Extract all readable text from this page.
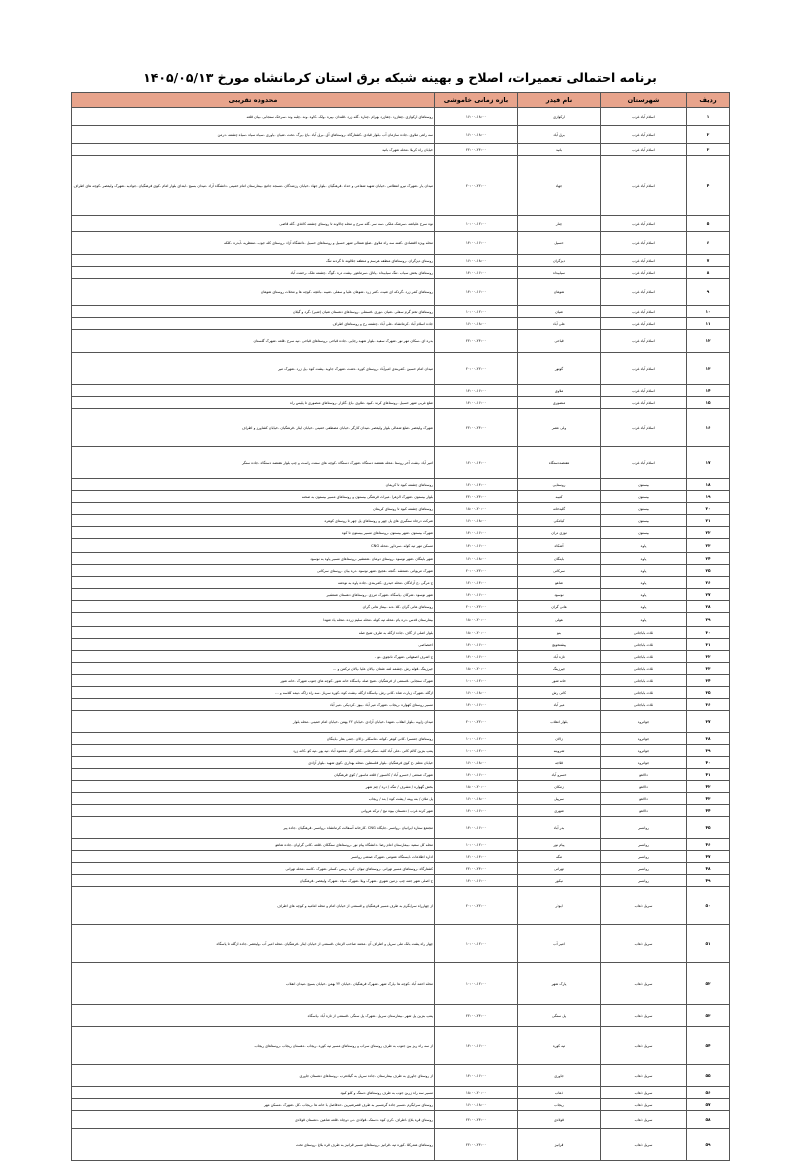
برنامه احتمالی تعمیرات، اصلاح و بهینه شبکه برق استان کرمانشاه مورخ ۱۴۰۵/۰۵/۱۳
ردیف	شهرستان	نام فیدر	بازه زمانی خاموشی	محدوده تقریبی
۱	اسلام آباد غرب	ارکوازی	۱۶:۰۰-۱۸:۰۰	روستاهای ارکوازی -چقازرد -چقازرد بهرام -چناره -گله زرد -قلندان -پیره -ولک -کاوه -وند -چلبه وند -سرخک سنجابی -بیان قلعه
۲	اسلام آباد غرب	برق آباد	۱۶:۰۰-۱۸:۰۰	سه راهی ملاوی -جاده سازمان آب -بلوار قبادی -کشتارگاه -روستاهای آق -برق آباد -باغ -پرگ -تخت -شیان -یاوری -سیاه سیاه -سیاه چشمه -درمن
۳	اسلام آباد غرب	بانید	۲۲:۰۰-۲۴:۰۰	خیابان راه کربلا -محله شهرک بانید
۴	اسلام آباد غرب	جهاد	۲۰:۰۰-۲۲:۰۰	میدان یار -شهرک نیرو انتظامی -خیابان شهید شفاعی و حداد -فرهنگیان -بلوار جهاد -خیابان رزمندگان -مسجد جامع -بیمارستان امام خمینی -دانشگاه آزاد -میدان بسیج -ابتدای بلوار امام -کوی فرهنگیان -جوادیه -شهرک ولیعصر -کوچه های اطراف
۵	اسلام آباد غرب	چنار	۱۰:۰۰-۱۲:۰۰	نوه سرخ علیاشه -سرشک ملکی -سه سر -گله سرخ و محله چالاوند تا روستای چشمه کاغذی -گله قاضی
۶	اسلام آباد غرب	حسیل	۱۴:۰۰-۱۶:۰۰	محله ویژه اقتصادی -کفنه سه راه ملاوی -ضلع شمالی شهر حسیل و روستاهای حسیل -دانشگاه آزاد -روستای کله جوب -منتظریه -آبدره -کلکه
۷	اسلام آباد غرب	دیزگران	۱۶:۰۰-۱۸:۰۰	روستای دیزگران -روستاهای منطقه هرسم و منطقه جلالوند تا گردنه تنگ
۸	اسلام آباد غرب	سیابیداه	۱۴:۰۰-۱۶:۰۰	روستاهای بخش سیاب -تنگ سیابیداه -پاتاق -سرماهور -پشت دره -گوگ -چشمه ملک -رحمت آباد
۹	اسلام آباد غرب	شوهان	۱۴:۰۰-۱۶:۰۰	روستاهای کمر زرد -گردکه ای شیت -کمر زرد -شوهان علیا و سفلی -شیبه -باغچه -کوچه ها و محلات روستای شوهان
۱۰	اسلام آباد غرب	شیان	۱۰:۰۰-۱۲:۰۰	روستاهای تخم گرم سفلی -شیان -نوری -فسملی -روستاهای دهستان شیان (شیر) -گرد و گیلان
۱۱	اسلام آباد غرب	علی آباد	۱۶:۰۰-۱۸:۰۰	جاده اسلام آباد -کرمانشاه -علی آباد -چشمه رخ و روستاهای اطراف
۱۲	اسلام آباد غرب	قباحی	۲۲:۰۰-۲۴:۰۰	بدره ای -سکان مهر نور -شهرک سفید -بلوار شهید رجایی -جاده قباحی -روستاهای قباحی -تپه سرخ -قلعه -شهرک گلستان
۱۳	اسلام آباد غرب	گوتور	۲۰:۰۰-۲۲:۰۰	میدان امام حسین -کمربندی امیرآباد -روستای کوره -دشت -شهرک جاوید -پشت کوه -پل زرد -شهرک میر
۱۴	اسلام آباد غرب	ملاوی	۱۴:۰۰-۱۶:۰۰	
۱۵	اسلام آباد غرب	منصوری	۱۴:۰۰-۱۶:۰۰	ضلع غربی شهر حسیل -روستاهای کرند -کبود -ملاوی -باغ -گلزار -روستاهای منصوری تا پلیس راه
۱۶	اسلام آباد غرب	ولی عصر	۲۲:۰۰-۲۴:۰۰	شهرک ولیعصر -ضلع شمالی بلوار ولیعصر -میدان کارگر -خیابان مصطفی خمینی -خیابان ایثار -فرهنگیان -خیابان کشاورز و اطراف
۱۷	اسلام آباد غرب	هفتصددستگاه	۱۲:۰۰-۱۴:۰۰	امیر آباد -پشت آخر روستا -محله هفتصد دستگاه -شهرک دستگاه -کوچه های سمت راست و چپ بلوار هفتصد دستگاه -جاده سنگر
۱۸	بیستون	روستایی	۱۲:۰۰-۱۴:۰۰	روستاهای چشمه کبود تا کریمان
۱۹	بیستون	کتیبه	۲۲:۰۰-۲۴:۰۰	بلوار بیستون -شهرک الزهرا -میراث فرهنگی بیستون و روستاهای مسیر بیستون به صحنه
۲۰	بیستون	گلیدخانه	۱۸:۰۰-۲۰:۰۰	روستاهای چشمه کبود تا روستای کریمان
۲۱	بیستون	کیامکی	۱۶:۰۰-۱۸:۰۰	شرکت درجاه سنگبری های پل چهر و روستاهای پل چهر تا روستای کوهره
۲۲	بیستون	توزی دران	۱۴:۰۰-۱۶:۰۰	شهرک بیستون -شهر بیستون -روستاهای مسیر بیستون تا کوه
۲۳	پاوه	آشکاه	۱۴:۰۰-۱۶:۰۰	مسکن مهر تپه کوله -سرداور -محله CNG
۲۴	پاوه	باینگان	۱۶:۰۰-۱۸:۰۰	شهر باینگان -شهر نوسود -روستای دومان -شمشیر -روستاهای مسیر پاوه به نوسود
۲۵	پاوه	سرکانی	۲۰:۰۰-۲۲:۰۰	شهرک مریوانی -شمشه -گنجه -هجیج -شهر نوسود -دره بیان -روستای سرکانی
۲۶	پاوه	شاهو	۱۲:۰۰-۱۴:۰۰	ج مرگی -ج آزادگان -محله حیدری -کمربندی -جاده پاوه به نودشه
۲۷	پاوه	نوسود	۱۴:۰۰-۱۶:۰۰	شهر نوسود -شرکان -پاسگاه -شهرک مرزی -روستاهای دهستان شمشیر
۲۸	پاوه	هانی گران	۲۰:۰۰-۲۲:۰۰	روستاهای هانی گران -کلا -دنه -بیماژ هانی گران
۲۹	پاوه	هولی	۱۸:۰۰-۲۰:۰۰	بیمارستان قدس -دره یام -محله تپه کوله -محله سلیم زرده -محله یاد شهدا
۳۰	ثلاث باباجانی	بنو	۱۸:۰۰-۲۰:۰۰	بلوار اصلی از گاف -جاده ازگله به طرف شیخ صله
۳۱	ثلاث باباجانی	پیشتخونچ	۱۴:۰۰-۱۶:۰۰	اختصاصی
۳۲	ثلاث باباجانی	تازه آباد	۱۴:۰۰-۱۶:۰۰	ج اشرف اصفهانی -شهرک نانچوی -نو -
۳۳	ثلاث باباجانی	جیرزینگ	۱۸:۰۰-۲۰:۰۰	جیرزینگ -قوله رش -چشمه لمه عثمان -پالان علیا -پالان ترکمن و ...
۳۴	ثلاث باباجانی	خانه شور	۱۰:۰۰-۱۲:۰۰	شهرک سنجابی -قسمتی از فرهنگیان -شیخ صله -پاسگاه خانه شور -کوچه های جنوب شهرک -خانه شور
۳۵	ثلاث باباجانی	کانی رش	۱۶:۰۰-۱۸:۰۰	ازگله -شهرک زیارت شاه -کانی رش -پاسگاه ازگله -پشت کوه -کوره سرباز -سه راه زاگه -تیمه کلاسه و ...
۳۶	ثلاث باباجانی	میر آباد	۱۴:۰۰-۱۶:۰۰	مسیر روستای کهواره -ریجاب -شهرک میر آباد -بیوز -کردیکی -میر آباد
۳۷	جوانرود	بلوار انقلاب	۲۰:۰۰-۲۲:۰۰	میدان زاویه -بلوار انقلاب -شهدا -خیابان آزادی -خیابان ۲۲ بهمن -خیابان امام خمینی -محله بلوار
۳۸	جوانرود	زالان	۱۰:۰۰-۱۲:۰۰	روستاهای جمسرا -کانی کوهر -کوانه -ماسکلر -زالان -جمی بقار -باینگان
۳۹	جوانرود	شروینه	۱۰:۰۰-۱۲:۰۰	پمپ بنزین کالم کانی -علی آباد کلیه -سکرخانی -کانی گل -محمود آباد -تپه پور -تپه کو -کانه زرد
۴۰	جوانرود	قلاجه	۱۶:۰۰-۱۸:۰۰	خیابان معلم -خ کوی فرهنگیان -بلوار فلسطین -محله بهداری -کوی شهید -بلوار آزادی
۴۱	دالاهو	خسرو آباد	۱۴:۰۰-۱۶:۰۰	شهرک صنعتی / خسرو آباد / کانسور / قلعه ماسور / کوی فرهنگیان
۴۲	دالاهو	زمکان	۱۸:۰۰-۲۰:۰۰	بخش گهواره / مشرف / تنگه / دره / چم شهر
۴۳	دالاهو	سرپیل	۱۶:۰۰-۱۸:۰۰	پل ملان / بنه وینه / پشت کوه / بند / ریجاب
۴۴	دالاهو	شهری	۱۴:۰۰-۱۶:۰۰	شهر کرند غرب / دهستان بیوه نیج / ترکه هروانی
۴۵	روانسر	بدر آباد	۱۴:۰۰-۱۶:۰۰	مجتمع ستاره ایرانیان -روانسر -جایگاه CNG -کارخانه آسفالت کرمانشاه -روانسر -فرهنگیان -جاده پیر
۴۶	روانسر	پیام نور	۱۰:۰۰-۱۲:۰۰	محله کل سفید -بیمارستان امام رضا -دانشگاه پیام نور -روستاهای سنگکان -قلعه -کانی گراوان -جاده شاهو
۴۷	روانسر	تنگه	۱۲:۰۰-۱۴:۰۰	اداره اطلاعات -ایستگاه عمومی -شهرک صنعتی روانسر
۴۸	روانسر	تهرانی	۲۲:۰۰-۲۴:۰۰	کشتارگاه -روستاهای مسیر تهرانی -روستاهای تیوان -کره -ریس -کسلر -شهرک -کاسه -محله تهرانی
۴۹	روانسر	نیکور	۱۴:۰۰-۱۶:۰۰	خ اصلی شهر جمه چپ -زمین شهری -شهرک ویلا -شهرک سپاه -شهرک ولیعصر -فرهنگیان
۵۰	سرپل ذهاب	ابوذر	۲۰:۰۰-۲۲:۰۰	از چهارراه سرابگرم به طرف مسیر فرهنگیان و قسمتی از خیابان امام و محله امامیه و کوچه های اطراف
۵۱	سرپل ذهاب	امیر آب	۱۰:۰۰-۱۲:۰۰	چهار راه پشت بانک ملی سرپل و اطراف آن -محمد صاحب الزمان -قسمتی از خیابان ایثار -فرهنگیان -محله امیر آب -ولیعصر -جاده ازگله تا پاسگاه
۵۲	سرپل ذهاب	پارک شهر	۱۰:۰۰-۱۲:۰۰	محله احمد آباد -کوچه ها -پارک شهر -شهرک فرهنگیان -خیابان ۲۲ بهمن -خیابان بسیج -میدان انقلاب
۵۳	سرپل ذهاب	پل سنگی	۲۲:۰۰-۲۴:۰۰	پمپ بنزین پل شهر -بیمارستان سرپل -شهرک پل سنگی -قسمتی از تازه آباد -پاسگاه
۵۴	سرپل ذهاب	تپه کوره	۱۴:۰۰-۱۶:۰۰	از سه راه ریز بین جنوب به طرف روستای سراب و روستاهای مسیر تپه کوره -ریجاب -دهستان ریجاب -روستاهای ریجاب
۵۵	سرپل ذهاب	جاوری	۱۴:۰۰-۱۶:۰۰	از روستای جاوری به طرف بیمارستان -جاده سرپل به گیلانغرب -روستاهای دهستان جاوری
۵۶	سرپل ذهاب	ذهاب	۱۸:۰۰-۲۰:۰۰	مسیر سه راه زرین جوب به طرف روستاهای دستگ و کلو کبود
۵۷	سرپل ذهاب	ریجاب	۱۶:۰۰-۱۸:۰۰	روستای سرابگرم -مسیر جاده گرمسیر به طرف قصرشیرین -حدفاصل با خانه ها -ریجاب -کل -شهرک -مسکن مهر
۵۸	سرپل ذهاب	قولادی	۲۲:۰۰-۲۴:۰۰	روستای قره بلاغ -اطراف -کرن کوه -دستک -قولادی -نی دوچاه -قلعه شاهین -دهستان قولادی
۵۹	سرپل ذهاب	قرانیز	۲۲:۰۰-۲۴:۰۰	روستاهای هندرکلا -کوره تپه -قرانیز -روستاهای مسیر قرانیز به طرف قره بلاغ -روستای تخت
